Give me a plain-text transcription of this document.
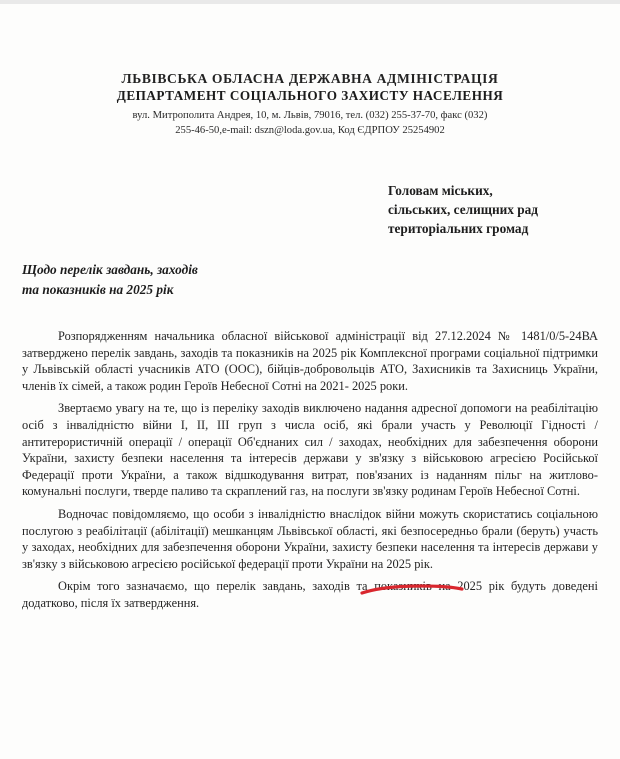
ЛЬВІВСЬКА ОБЛАСНА ДЕРЖАВНА АДМІНІСТРАЦІЯ
ДЕПАРТАМЕНТ СОЦІАЛЬНОГО ЗАХИСТУ НАСЕЛЕННЯ
вул. Митрополита Андрея, 10, м. Львів, 79016, тел. (032) 255-37-70, факс (032)
255-46-50,e-mail: dszn@loda.gov.ua, Код ЄДРПОУ 25254902
Головам міських,
сільських, селищних рад
територіальних громад
Щодо перелік завдань, заходів
та показників на 2025 рік

Розпорядженням начальника обласної військової адміністрації від 27.12.2024 № 1481/0/5-24ВА затверджено перелік завдань, заходів та показників на 2025 рік Комплексної програми соціальної підтримки у Львівській області учасників АТО (ООС), бійців-добровольців АТО, Захисників та Захисниць України, членів їх сімей, а також родин Героїв Небесної Сотні на 2021- 2025 роки.

Звертаємо увагу на те, що із переліку заходів виключено надання адресної допомоги на реабілітацію осіб з інвалідністю війни І, ІІ, ІІІ груп з числа осіб, які брали участь у Революції Гідності / антитерористичній операції / операції Об'єднаних сил / заходах, необхідних для забезпечення оборони України, захисту безпеки населення та інтересів держави у зв'язку з військовою агресією Російської Федерації проти України, а також відшкодування витрат, пов'язаних із наданням пільг на житлово-комунальні послуги, тверде паливо та скраплений газ, на послуги зв'язку родинам Героїв Небесної Сотні.

Водночас повідомляємо, що особи з інвалідністю внаслідок війни можуть скористатись соціальною послугою з реабілітації (абілітації) мешканцям Львівської області, які безпосередньо брали (беруть) участь у заходах, необхідних для забезпечення оборони України, захисту безпеки населення та інтересів держави у зв'язку з військовою агресією російської федерації проти України на 2025 рік.

Окрім того зазначаємо, що перелік завдань, заходів та показників на 2025 рік будуть доведені додатково, після їх затвердження.
